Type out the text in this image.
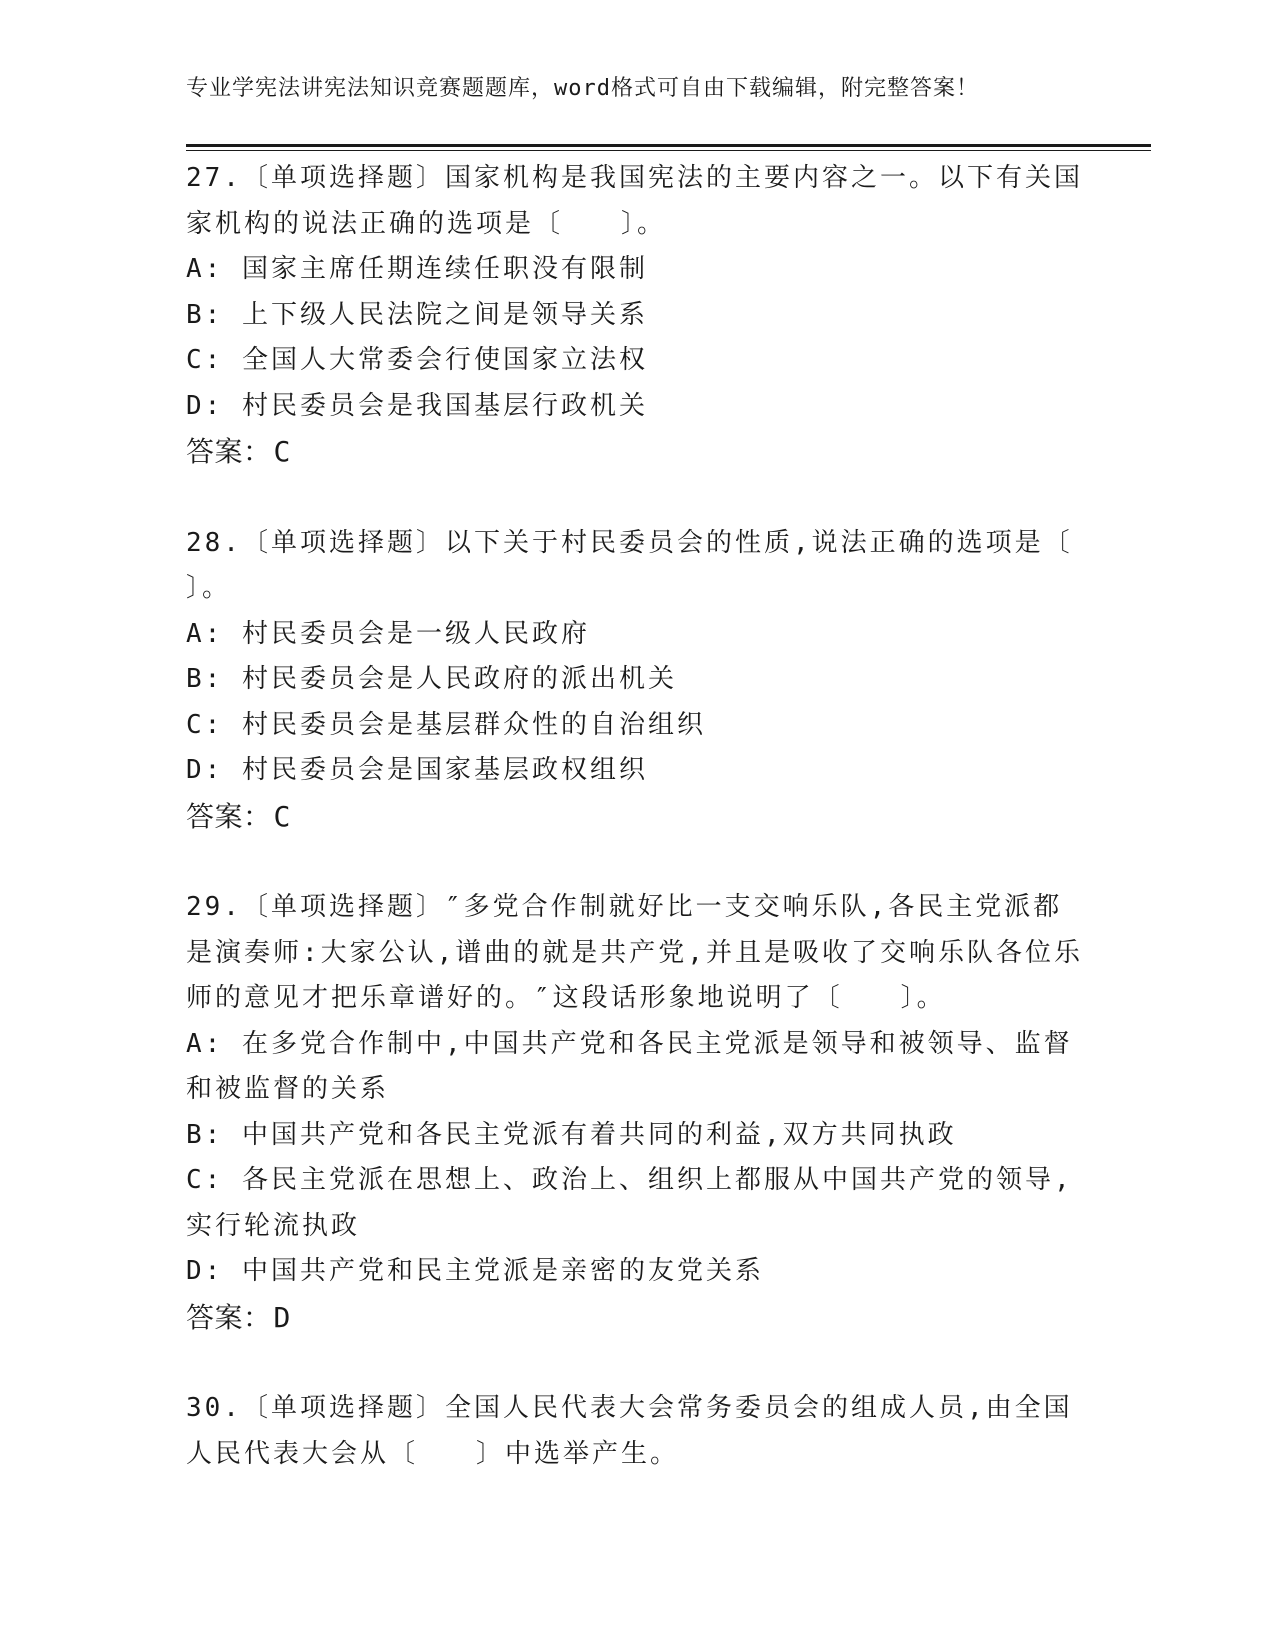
专业学宪法讲宪法知识竞赛题题库，word格式可自由下载编辑，附完整答案！
27.〔单项选择题〕国家机构是我国宪法的主要内容之一。以下有关国
家机构的说法正确的选项是〔　　〕。
A: 国家主席任期连续任职没有限制
B: 上下级人民法院之间是领导关系
C: 全国人大常委会行使国家立法权
D: 村民委员会是我国基层行政机关
答案：C
28.〔单项选择题〕以下关于村民委员会的性质,说法正确的选项是〔
〕。
A: 村民委员会是一级人民政府
B: 村民委员会是人民政府的派出机关
C: 村民委员会是基层群众性的自治组织
D: 村民委员会是国家基层政权组织
答案：C
29.〔单项选择题〕″多党合作制就好比一支交响乐队,各民主党派都
是演奏师:大家公认,谱曲的就是共产党,并且是吸收了交响乐队各位乐
师的意见才把乐章谱好的。″这段话形象地说明了〔　　〕。
A: 在多党合作制中,中国共产党和各民主党派是领导和被领导、监督
和被监督的关系
B: 中国共产党和各民主党派有着共同的利益,双方共同执政
C: 各民主党派在思想上、政治上、组织上都服从中国共产党的领导,
实行轮流执政
D: 中国共产党和民主党派是亲密的友党关系
答案：D
30.〔单项选择题〕全国人民代表大会常务委员会的组成人员,由全国
人民代表大会从〔　　〕中选举产生。
